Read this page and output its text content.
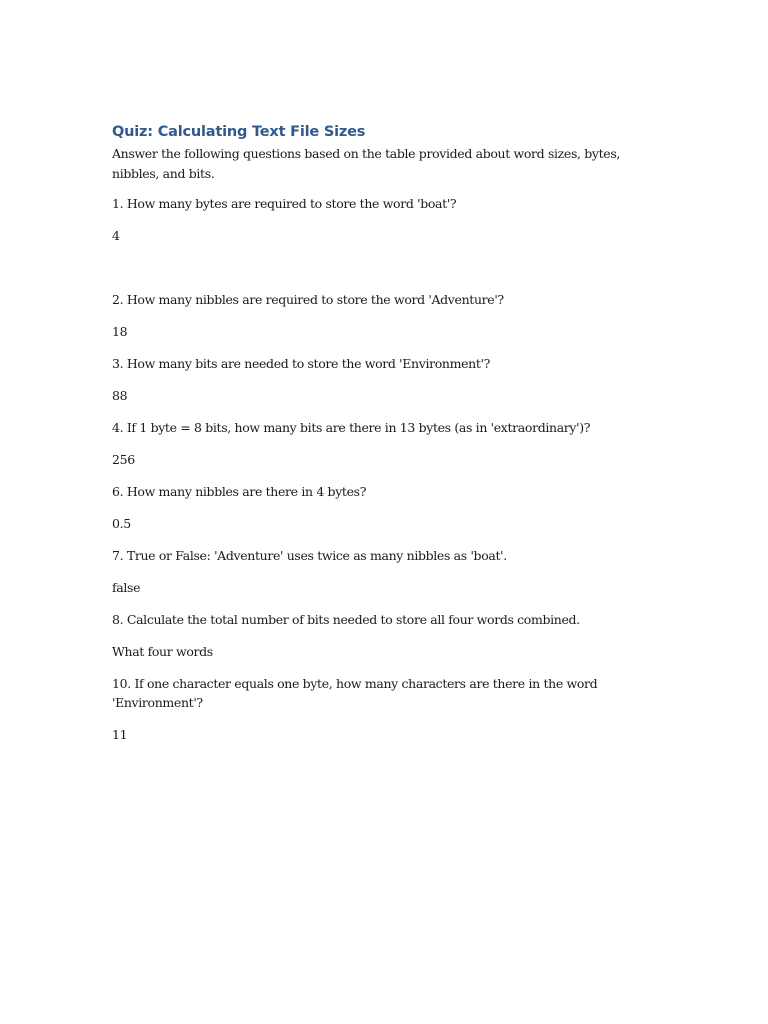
Quiz: Calculating Text File Sizes

Answer the following questions based on the table provided about word sizes, bytes, nibbles, and bits.

1. How many bytes are required to store the word 'boat'?

4

2. How many nibbles are required to store the word 'Adventure'?

18

3. How many bits are needed to store the word 'Environment'?

88

4. If 1 byte = 8 bits, how many bits are there in 13 bytes (as in 'extraordinary')?

256

6. How many nibbles are there in 4 bytes?

0.5

7. True or False: 'Adventure' uses twice as many nibbles as 'boat'.

false

8. Calculate the total number of bits needed to store all four words combined.

What four words

10. If one character equals one byte, how many characters are there in the word 'Environment'?

11
